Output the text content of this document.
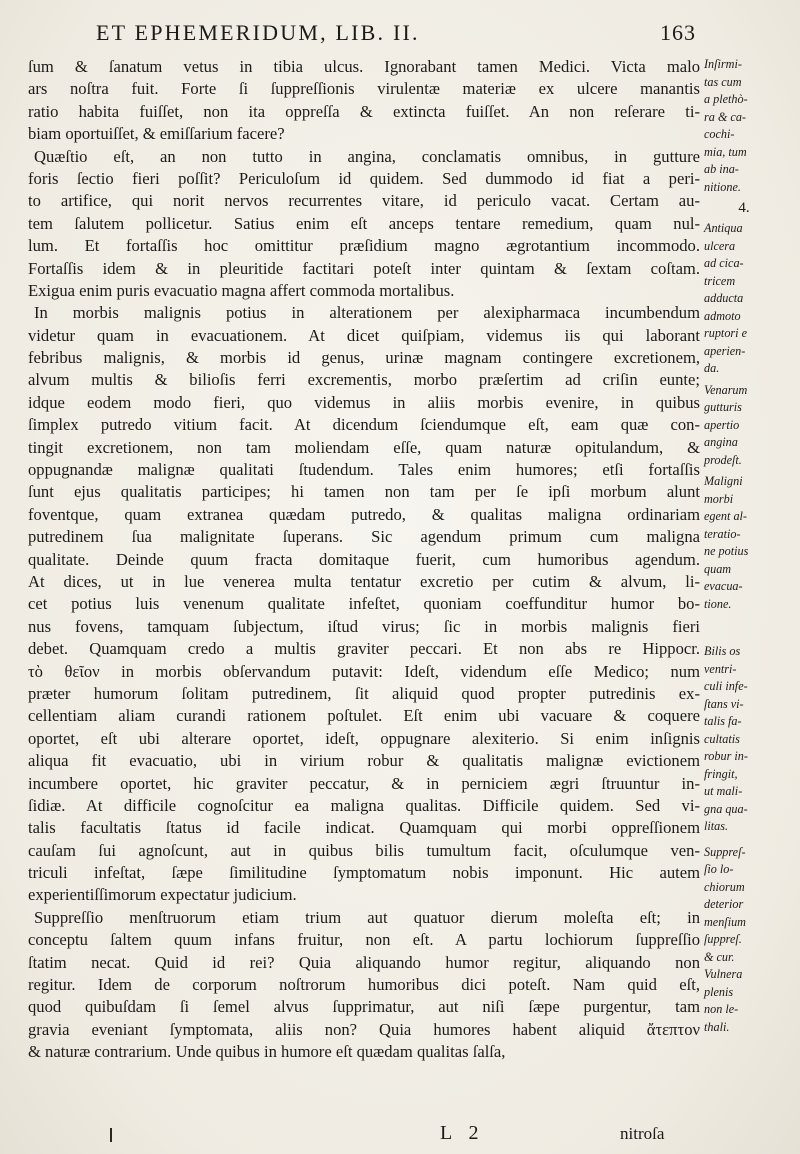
ET EPHEMERIDUM, LIB. II.	163
ſum & ſanatum vetus in tibia ulcus. Ignorabant tamen Medici. Victa malo
ars noſtra fuit. Forte ſi ſuppreſſionis virulentæ materiæ ex ulcere manantis
ratio habita fuiſſet, non ita oppreſſa & extincta fuiſſet. An non reſerare ti-
biam oportuiſſet, & emiſſarium facere?
Quæſtio eſt, an non tutto in angina, conclamatis omnibus, in gutture
foris ſectio fieri poſſit? Periculoſum id quidem. Sed dummodo id fiat a peri-
to artifice, qui norit nervos recurrentes vitare, id periculo vacat. Certam au-
tem ſalutem pollicetur. Satius enim eſt anceps tentare remedium, quam nul-
lum. Et fortaſſis hoc omittitur præſidium magno ægrotantium incommodo.
Fortaſſis idem & in pleuritide factitari poteſt inter quintam & ſextam coſtam.
Exigua enim puris evacuatio magna affert commoda mortalibus.
In morbis malignis potius in alterationem per alexipharmaca incumbendum
videtur quam in evacuationem. At dicet quiſpiam, videmus iis qui laborant
febribus malignis, & morbis id genus, urinæ magnam contingere excretionem,
alvum multis & bilioſis ferri excrementis, morbo præſertim ad criſin eunte;
idque eodem modo fieri, quo videmus in aliis morbis evenire, in quibus
ſimplex putredo vitium facit. At dicendum ſciendumque eſt, eam quæ con-
tingit excretionem, non tam moliendam eſſe, quam naturæ opitulandum, &
oppugnandæ malignæ qualitati ſtudendum. Tales enim humores; etſi fortaſſis
ſunt ejus qualitatis participes; hi tamen non tam per ſe ipſi morbum alunt
foventque, quam extranea quædam putredo, & qualitas maligna ordinariam
putredinem ſua malignitate ſuperans. Sic agendum primum cum maligna
qualitate. Deinde quum fracta domitaque fuerit, cum humoribus agendum.
At dices, ut in lue venerea multa tentatur excretio per cutim & alvum, li-
cet potius luis venenum qualitate infeſtet, quoniam coeffunditur humor bo-
nus fovens, tamquam ſubjectum, iſtud virus; ſic in morbis malignis fieri
debet. Quamquam credo a multis graviter peccari. Et non abs re Hippocr.
τὸ θεῖον in morbis obſervandum putavit: Ideſt, videndum eſſe Medico; num
præter humorum ſolitam putredinem, ſit aliquid quod propter putredinis ex-
cellentiam aliam curandi rationem poſtulet. Eſt enim ubi vacuare & coquere
oportet, eſt ubi alterare oportet, ideſt, oppugnare alexiterio. Si enim inſignis
aliqua fit evacuatio, ubi in virium robur & qualitatis malignæ evictionem
incumbere oportet, hic graviter peccatur, & in perniciem ægri ſtruuntur in-
ſidiæ. At difficile cognoſcitur ea maligna qualitas. Difficile quidem. Sed vi-
talis facultatis ſtatus id facile indicat. Quamquam qui morbi oppreſſionem
cauſam ſui agnoſcunt, aut in quibus bilis tumultum facit, oſculumque ven-
triculi infeſtat, ſæpe ſimilitudine ſymptomatum nobis imponunt. Hic autem
experientiſſimorum expectatur judicium.
Suppreſſio menſtruorum etiam trium aut quatuor dierum moleſta eſt; in
conceptu ſaltem quum infans fruitur, non eſt. A partu lochiorum ſuppreſſio
ſtatim necat. Quid id rei? Quia aliquando humor regitur, aliquando non
regitur. Idem de corporum noſtrorum humoribus dici poteſt. Nam quid eſt,
quod quibuſdam ſi ſemel alvus ſupprimatur, aut niſi ſæpe purgentur, tam
gravia eveniant ſymptomata, aliis non? Quia humores habent aliquid ἄτεπτον
& naturæ contrarium. Unde quibus in humore eſt quædam qualitas ſalſa,
Inſirmi-
tas cum
a plethò-
ra & ca-
cochi-
mia, tum
ab ina-
nitione.
4.
Antiqua
ulcera
ad cica-
tricem
adducta
admoto
ruptori e
aperien-
da.
Venarum
gutturis
apertio
angina
prodeſt.
Maligni
morbi
egent al-
teratio-
ne potius
quam
evacua-
tione.
Bilis os
ventri-
culi infe-
ſtans vi-
talis fa-
cultatis
robur in-
fringit,
ut mali-
gna qua-
litas.
Suppreſ-
ſio lo-
chiorum
deterior
menſium
ſuppreſ.
& cur.
Vulnera
plenis
non le-
thali.
L 2	nitroſa
